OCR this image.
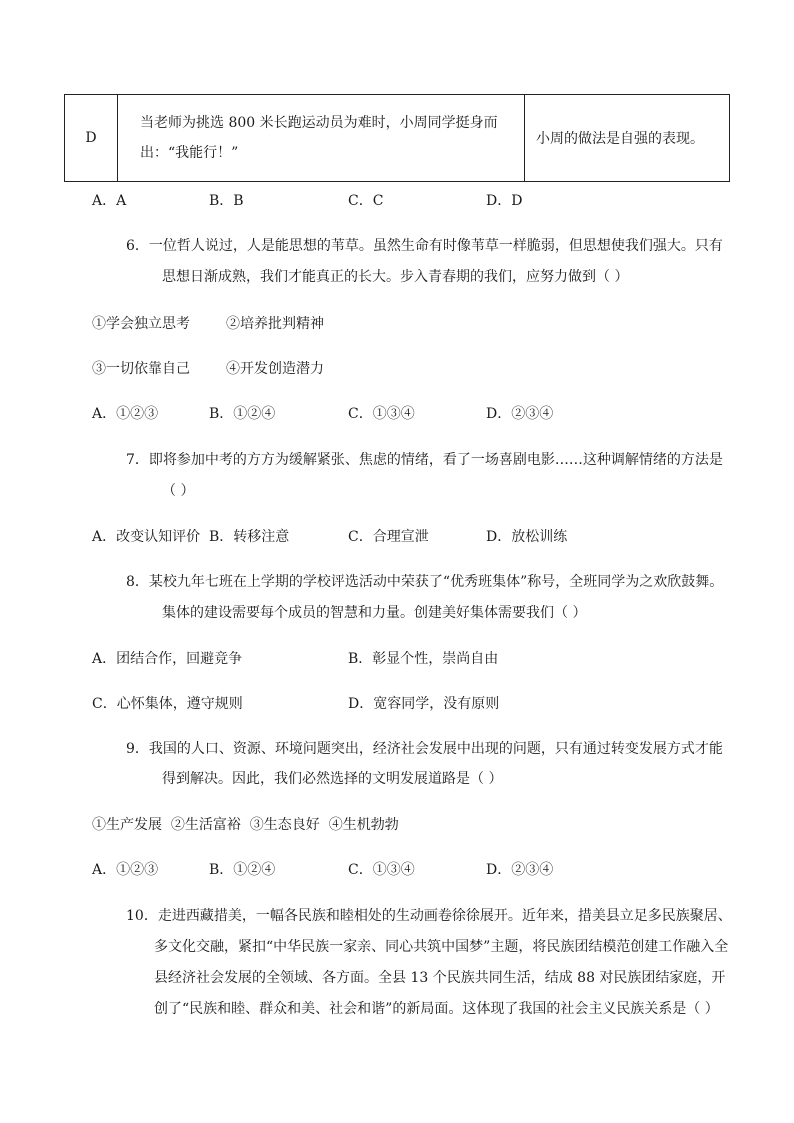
D	当老师为挑选 800 米长跑运动员为难时，小周同学挺身而出：“我能行！”	小周的做法是自强的表现。
A．A	B．B	C．C	D．D
6．一位哲人说过，人是能思想的苇草。虽然生命有时像苇草一样脆弱，但思想使我们强大。只有
思想日渐成熟，我们才能真正的长大。步入青春期的我们，应努力做到（ ）
①学会独立思考	②培养批判精神
③一切依靠自己	④开发创造潜力
A．①②③	B．①②④	C．①③④	D．②③④
7．即将参加中考的方方为缓解紧张、焦虑的情绪，看了一场喜剧电影……这种调解情绪的方法是
（ ）
A．改变认知评价 B．转移注意	C．合理宣泄	D．放松训练
8．某校九年七班在上学期的学校评选活动中荣获了“优秀班集体”称号，全班同学为之欢欣鼓舞。
集体的建设需要每个成员的智慧和力量。创建美好集体需要我们（ ）
A．团结合作，回避竞争	B．彰显个性，崇尚自由
C．心怀集体，遵守规则	D．宽容同学，没有原则
9．我国的人口、资源、环境问题突出，经济社会发展中出现的问题，只有通过转变发展方式才能
得到解决。因此，我们必然选择的文明发展道路是（ ）
①生产发展  ②生活富裕  ③生态良好  ④生机勃勃
A．①②③	B．①②④	C．①③④	D．②③④
10．走进西藏措美，一幅各民族和睦相处的生动画卷徐徐展开。近年来，措美县立足多民族聚居、
多文化交融，紧扣“中华民族一家亲、同心共筑中国梦”主题，将民族团结模范创建工作融入全
县经济社会发展的全领域、各方面。全县 13 个民族共同生活，结成 88 对民族团结家庭，开
创了“民族和睦、群众和美、社会和谐”的新局面。这体现了我国的社会主义民族关系是（ ）
